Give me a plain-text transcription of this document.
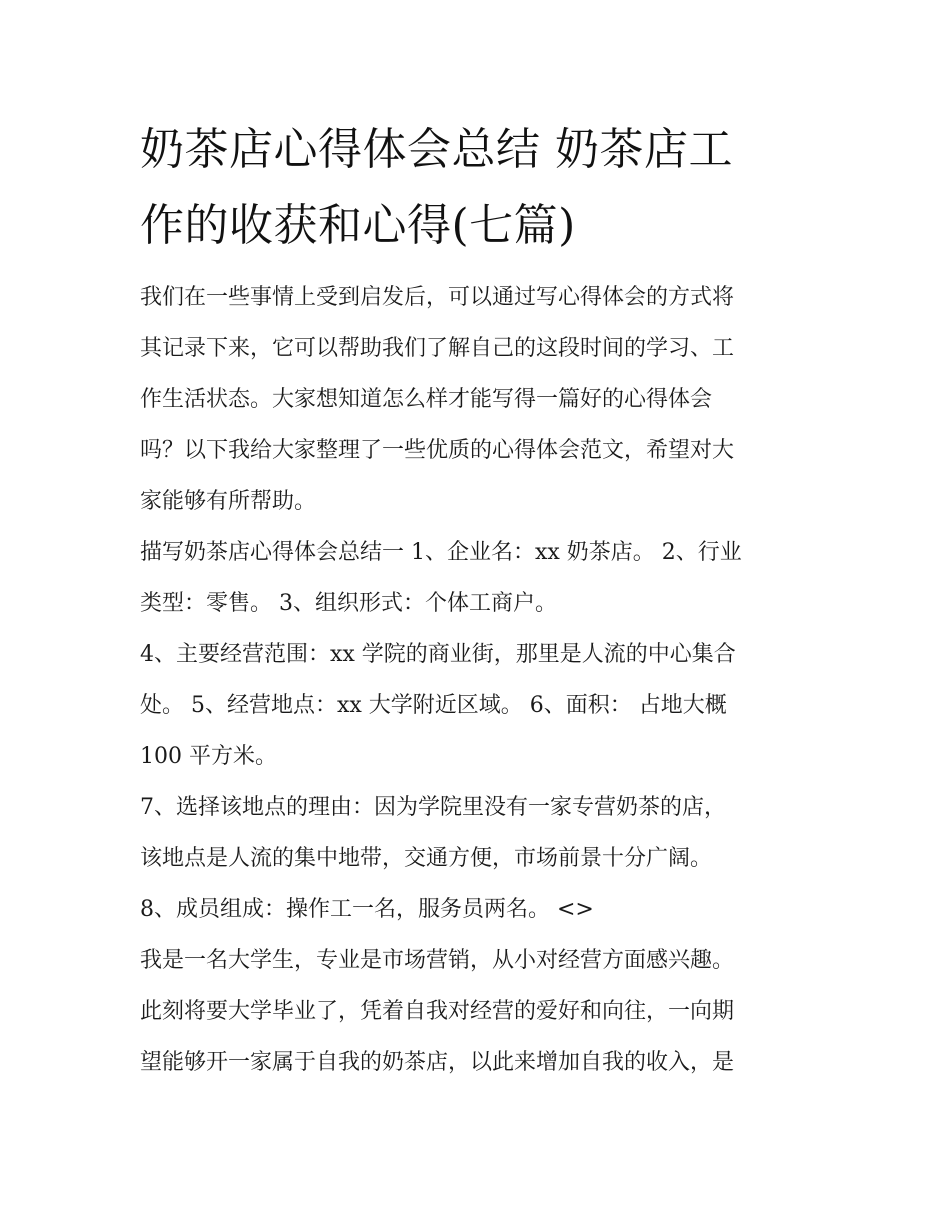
奶茶店心得体会总结 奶茶店工
作的收获和心得(七篇)

我们在一些事情上受到启发后，可以通过写心得体会的方式将
其记录下来，它可以帮助我们了解自己的这段时间的学习、工
作生活状态。大家想知道怎么样才能写得一篇好的心得体会
吗？以下我给大家整理了一些优质的心得体会范文，希望对大
家能够有所帮助。

描写奶茶店心得体会总结一 1、企业名：xx 奶茶店。 2、行业
类型：零售。 3、组织形式：个体工商户。

4、主要经营范围：xx 学院的商业街，那里是人流的中心集合
处。 5、经营地点：xx 大学附近区域。 6、面积： 占地大概
100 平方米。

7、选择该地点的理由：因为学院里没有一家专营奶茶的店，
该地点是人流的集中地带，交通方便，市场前景十分广阔。

8、成员组成：操作工一名，服务员两名。 <>

我是一名大学生，专业是市场营销，从小对经营方面感兴趣。
此刻将要大学毕业了，凭着自我对经营的爱好和向往，一向期
望能够开一家属于自我的奶茶店，以此来增加自我的收入，是
